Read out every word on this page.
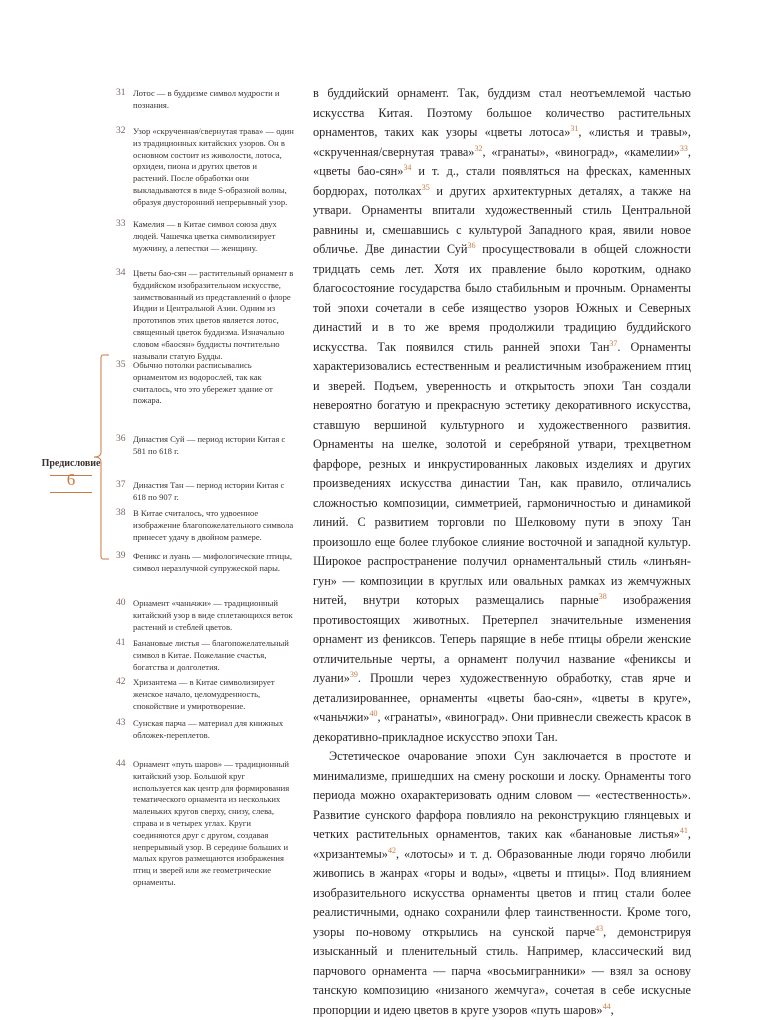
31 Лотос — в буддизме символ мудрости и познания.
32 Узор «скрученная/свернутая трава» — один из традиционных китайских узоров. Он в основном состоит из живолости, лотоса, орхидеи, пиона и других цветов и растений. После обработки они выкладываются в виде S-образной волны, образуя двусторонний непрерывный узор.
33 Камелия — в Китае символ союза двух людей. Чашечка цветка символизирует мужчину, а лепестки — женщину.
34 Цветы бао-сян — растительный орнамент в буддийском изобразительном искусстве, заимствованный из представлений о флоре Индии и Центральной Азии. Одним из прототипов этих цветов является лотос, священный цветок буддизма. Изначально словом «баосян» буддисты почтительно называли статую Будды.
35 Обычно потолки расписывались орнаментом из водорослей, так как считалось, что это убережет здание от пожара.
36 Династия Суй — период истории Китая с 581 по 618 г.
37 Династия Тан — период истории Китая с 618 по 907 г.
38 В Китае считалось, что удвоенное изображение благопожелательного символа принесет удачу в двойном размере.
39 Феникс и луань — мифологические птицы, символ неразлучной супружеской пары.
40 Орнамент «чаньчжи» — традиционный китайский узор в виде сплетающихся веток растений и стеблей цветов.
41 Банановые листья — благопожелательный символ в Китае. Пожелание счастья, богатства и долголетия.
42 Хризантема — в Китае символизирует женское начало, целомудренность, спокойствие и умиротворение.
43 Сунская парча — материал для книжных обложек-переплетов.
44 Орнамент «путь шаров» — традиционный китайский узор. Большой круг используется как центр для формирования тематического орнамента из нескольких маленьких кругов сверху, снизу, слева, справа и в четырех углах. Круги соединяются друг с другом, создавая непрерывный узор. В середине больших и малых кругов размещаются изображения птиц и зверей или же геометрические орнаменты.
Предисловие
6

в буддийский орнамент. Так, буддизм стал неотъемлемой частью искусства Китая. Поэтому большое количество растительных орнаментов, таких как узоры «цветы лотоса»$^{31}$, «листья и травы», «скрученная/свернутая трава»$^{32}$, «гранаты», «виноград», «камелии»$^{33}$, «цветы бао-сян»$^{34}$ и т. д., стали появляться на фресках, каменных бордюрах, потолках$^{35}$ и других архитектурных деталях, а также на утвари. Орнаменты впитали художественный стиль Центральной равнины и, смешавшись с культурой Западного края, явили новое обличье. Две династии Суй$^{36}$ просуществовали в общей сложности тридцать семь лет. Хотя их правление было коротким, однако благосостояние государства было стабильным и прочным. Орнаменты той эпохи сочетали в себе изящество узоров Южных и Северных династий и в то же время продолжили традицию буддийского искусства. Так появился стиль ранней эпохи Тан$^{37}$. Орнаменты характеризовались естественным и реалистичным изображением птиц и зверей. Подъем, уверенность и открытость эпохи Тан создали невероятно богатую и прекрасную эстетику декоративного искусства, ставшую вершиной культурного и художественного развития. Орнаменты на шелке, золотой и серебряной утвари, трехцветном фарфоре, резных и инкрустированных лаковых изделиях и других произведениях искусства династии Тан, как правило, отличались сложностью композиции, симметрией, гармоничностью и динамикой линий. С развитием торговли по Шелковому пути в эпоху Тан произошло еще более глубокое слияние восточной и западной культур. Широкое распространение получил орнаментальный стиль «линъян-гун» — композиции в круглых или овальных рамках из жемчужных нитей, внутри которых размещались парные$^{38}$ изображения противостоящих животных. Претерпел значительные изменения орнамент из фениксов. Теперь парящие в небе птицы обрели женские отличительные черты, а орнамент получил название «фениксы и луани»$^{39}$. Прошли через художественную обработку, став ярче и детализированнее, орнаменты «цветы бао-сян», «цветы в круге», «чаньчжи»$^{40}$, «гранаты», «виноград». Они привнесли свежесть красок в декоративно-прикладное искусство эпохи Тан.

Эстетическое очарование эпохи Сун заключается в простоте и минимализме, пришедших на смену роскоши и лоску. Орнаменты того периода можно охарактеризовать одним словом — «естественность». Развитие сунского фарфора повлияло на реконструкцию глянцевых и четких растительных орнаментов, таких как «банановые листья»$^{41}$, «хризантемы»$^{42}$, «лотосы» и т. д. Образованные люди горячо любили живопись в жанрах «горы и воды», «цветы и птицы». Под влиянием изобразительного искусства орнаменты цветов и птиц стали более реалистичными, однако сохранили флер таинственности. Кроме того, узоры по-новому открылись на сунской парче$^{43}$, демонстрируя изысканный и пленительный стиль. Например, классический вид парчового орнамента — парча «восьмигранники» — взял за основу танскую композицию «низаного жемчуга», сочетая в себе искусные пропорции и идею цветов в круге узоров «путь шаров»$^{44}$,
